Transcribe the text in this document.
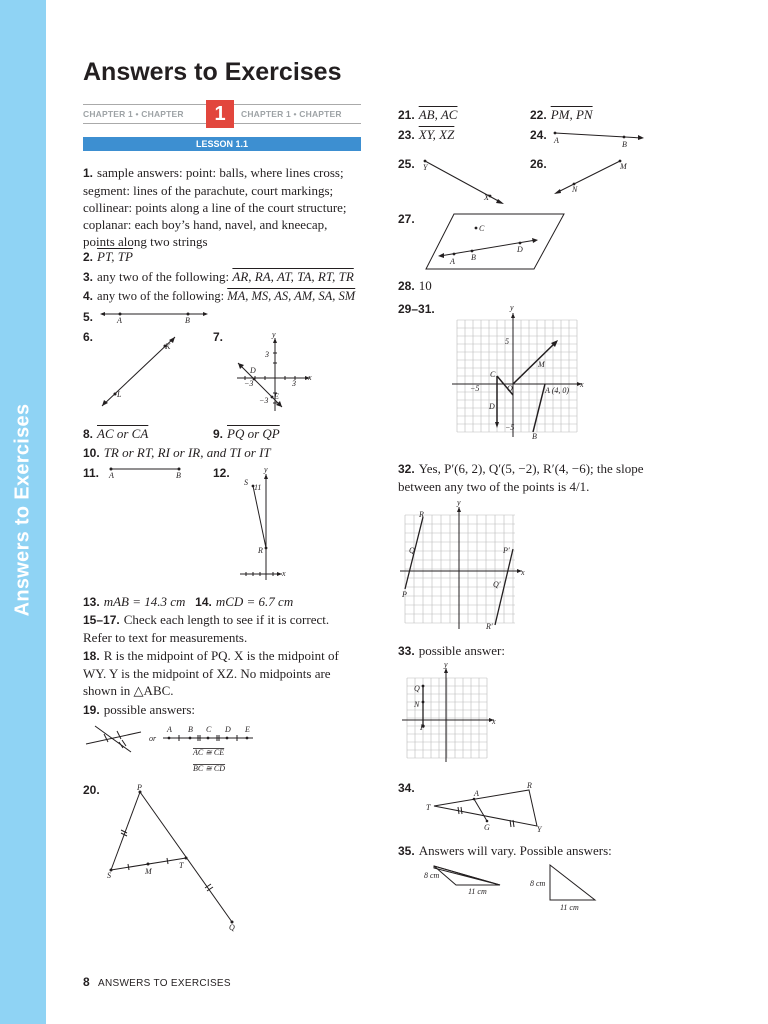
Answers to Exercises
Answers to Exercises
CHAPTER 1 • CHAPTER	CHAPTER 1 • CHAPTER
1
LESSON 1.1
1. sample answers: point: balls, where lines cross;
segment: lines of the parachute, court markings;
collinear: points along a line of the court structure;
coplanar: each boy’s hand, navel, and kneecap,
points along two strings
2. PT, TP
3. any two of the following: AR, RA, AT, TA, RT, TR
4. any two of the following: MA, MS, AS, AM, SA, SM
5.	A	B
6.
K
L
7.
D
E
x
y
3
−3	3
−3
8. AC or CA	9. PQ or QP
10. TR or RT, RI or IR, and TI or IT
11.	A	B	12.
S
R
11
y
x
13. mAB = 14.3 cm 14. mCD = 6.7 cm
15–17. Check each length to see if it is correct.
Refer to text for measurements.
18. R is the midpoint of PQ. X is the midpoint of
WY. Y is the midpoint of XZ. No midpoints are
shown in △ABC.
19. possible answers:
or
A B C D E
AC ≅ CE
BC ≅ CD
20.	P
S	M
T
Q
21. AB, AC	22. PM, PN
23. XY, XZ	24. A	B
25.	Y
X
26.	M
N
27.
A B
D
C
28. 10
29–31.	y
x
5
−5
−5	O
M
C
D
B
A (4, 0)
32. Yes, P′(6, 2), Q′(5, −2), R′(4, −6); the slope
between any two of the points is 4/1.
y
x
R
Q
P
P′
Q′
R′
33. possible answer:
y
x
Q
N
P
34.
T
A
R
G	Y
35. Answers will vary. Possible answers:
8 cm
11 cm
8 cm
11 cm
8 ANSWERS TO EXERCISES
